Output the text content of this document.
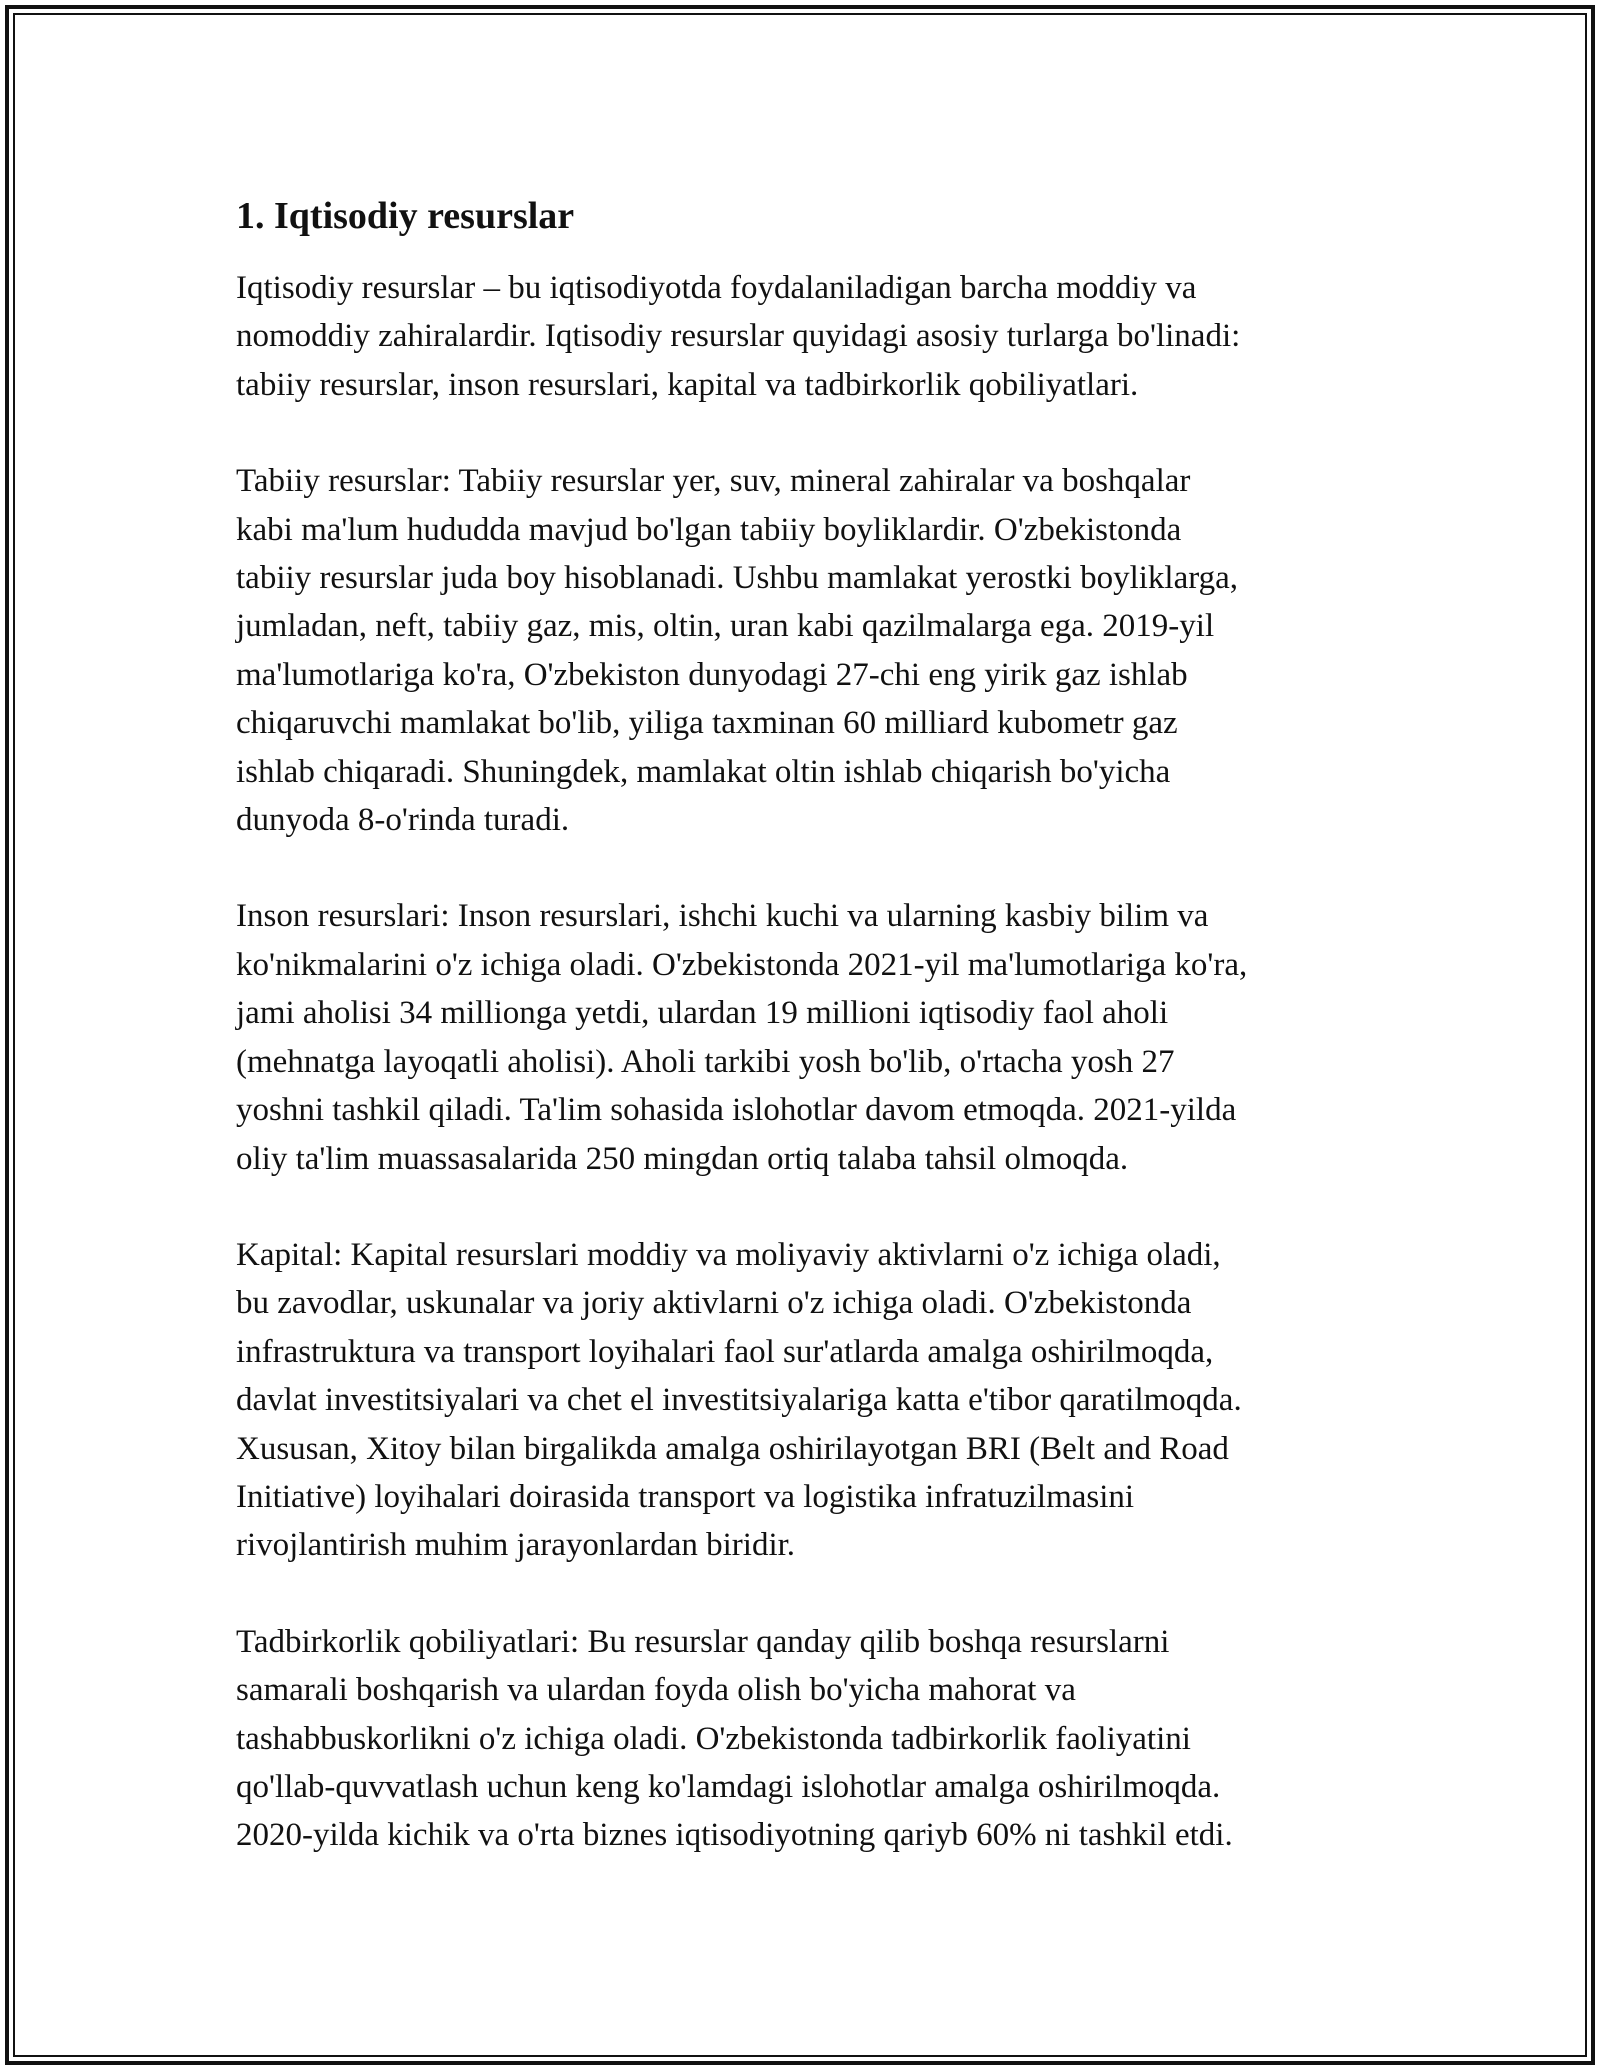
1. Iqtisodiy resurslar

Iqtisodiy resurslar – bu iqtisodiyotda foydalaniladigan barcha moddiy va
nomoddiy zahiralardir. Iqtisodiy resurslar quyidagi asosiy turlarga bo'linadi:
tabiiy resurslar, inson resurslari, kapital va tadbirkorlik qobiliyatlari.

Tabiiy resurslar: Tabiiy resurslar yer, suv, mineral zahiralar va boshqalar
kabi ma'lum hududda mavjud bo'lgan tabiiy boyliklardir. O'zbekistonda
tabiiy resurslar juda boy hisoblanadi. Ushbu mamlakat yerostki boyliklarga,
jumladan, neft, tabiiy gaz, mis, oltin, uran kabi qazilmalarga ega. 2019-yil
ma'lumotlariga ko'ra, O'zbekiston dunyodagi 27-chi eng yirik gaz ishlab
chiqaruvchi mamlakat bo'lib, yiliga taxminan 60 milliard kubometr gaz
ishlab chiqaradi. Shuningdek, mamlakat oltin ishlab chiqarish bo'yicha
dunyoda 8-o'rinda turadi.

Inson resurslari: Inson resurslari, ishchi kuchi va ularning kasbiy bilim va
ko'nikmalarini o'z ichiga oladi. O'zbekistonda 2021-yil ma'lumotlariga ko'ra,
jami aholisi 34 millionga yetdi, ulardan 19 millioni iqtisodiy faol aholi
(mehnatga layoqatli aholisi). Aholi tarkibi yosh bo'lib, o'rtacha yosh 27
yoshni tashkil qiladi. Ta'lim sohasida islohotlar davom etmoqda. 2021-yilda
oliy ta'lim muassasalarida 250 mingdan ortiq talaba tahsil olmoqda.

Kapital: Kapital resurslari moddiy va moliyaviy aktivlarni o'z ichiga oladi,
bu zavodlar, uskunalar va joriy aktivlarni o'z ichiga oladi. O'zbekistonda
infrastruktura va transport loyihalari faol sur'atlarda amalga oshirilmoqda,
davlat investitsiyalari va chet el investitsiyalariga katta e'tibor qaratilmoqda.
Xususan, Xitoy bilan birgalikda amalga oshirilayotgan BRI (Belt and Road
Initiative) loyihalari doirasida transport va logistika infratuzilmasini
rivojlantirish muhim jarayonlardan biridir.

Tadbirkorlik qobiliyatlari: Bu resurslar qanday qilib boshqa resurslarni
samarali boshqarish va ulardan foyda olish bo'yicha mahorat va
tashabbuskorlikni o'z ichiga oladi. O'zbekistonda tadbirkorlik faoliyatini
qo'llab-quvvatlash uchun keng ko'lamdagi islohotlar amalga oshirilmoqda.
2020-yilda kichik va o'rta biznes iqtisodiyotning qariyb 60% ni tashkil etdi.
